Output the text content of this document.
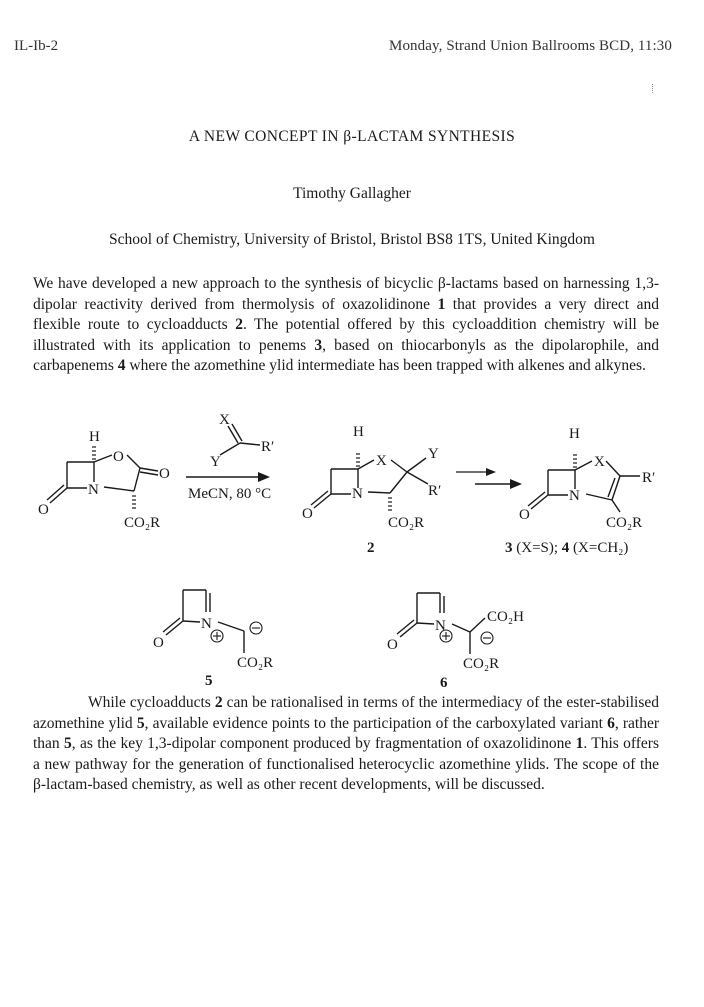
IL-Ib-2	Monday, Strand Union Ballrooms BCD, 11:30
A NEW CONCEPT IN β-LACTAM SYNTHESIS
Timothy Gallagher
School of Chemistry, University of Bristol, Bristol BS8 1TS, United Kingdom
We have developed a new approach to the synthesis of bicyclic β-lactams based on harnessing 1,3-dipolar reactivity derived from thermolysis of oxazolidinone 1 that provides a very direct and flexible route to cycloadducts 2. The potential offered by this cycloaddition chemistry will be illustrated with its application to penems 3, based on thiocarbonyls as the dipolarophile, and carbapenems 4 where the azomethine ylid intermediate has been trapped with alkenes and alkynes.
While cycloadducts 2 can be rationalised in terms of the intermediacy of the ester-stabilised azomethine ylid 5, available evidence points to the participation of the carboxylated variant 6, rather than 5, as the key 1,3-dipolar component produced by fragmentation of oxazolidinone 1. This offers a new pathway for the generation of functionalised heterocyclic azomethine ylids. The scope of the β-lactam-based chemistry, as well as other recent developments, will be discussed.
H
O
O
N
O
CO₂R
X
R′
Y
MeCN, 80 °C
H
X	Y
N	R′
O
CO₂R
2
H
X
R′
N
O	CO₂R
3 (X=S); 4 (X=CH₂)
N
O
CO₂R
5
N
CO₂H
O
CO₂R
6
